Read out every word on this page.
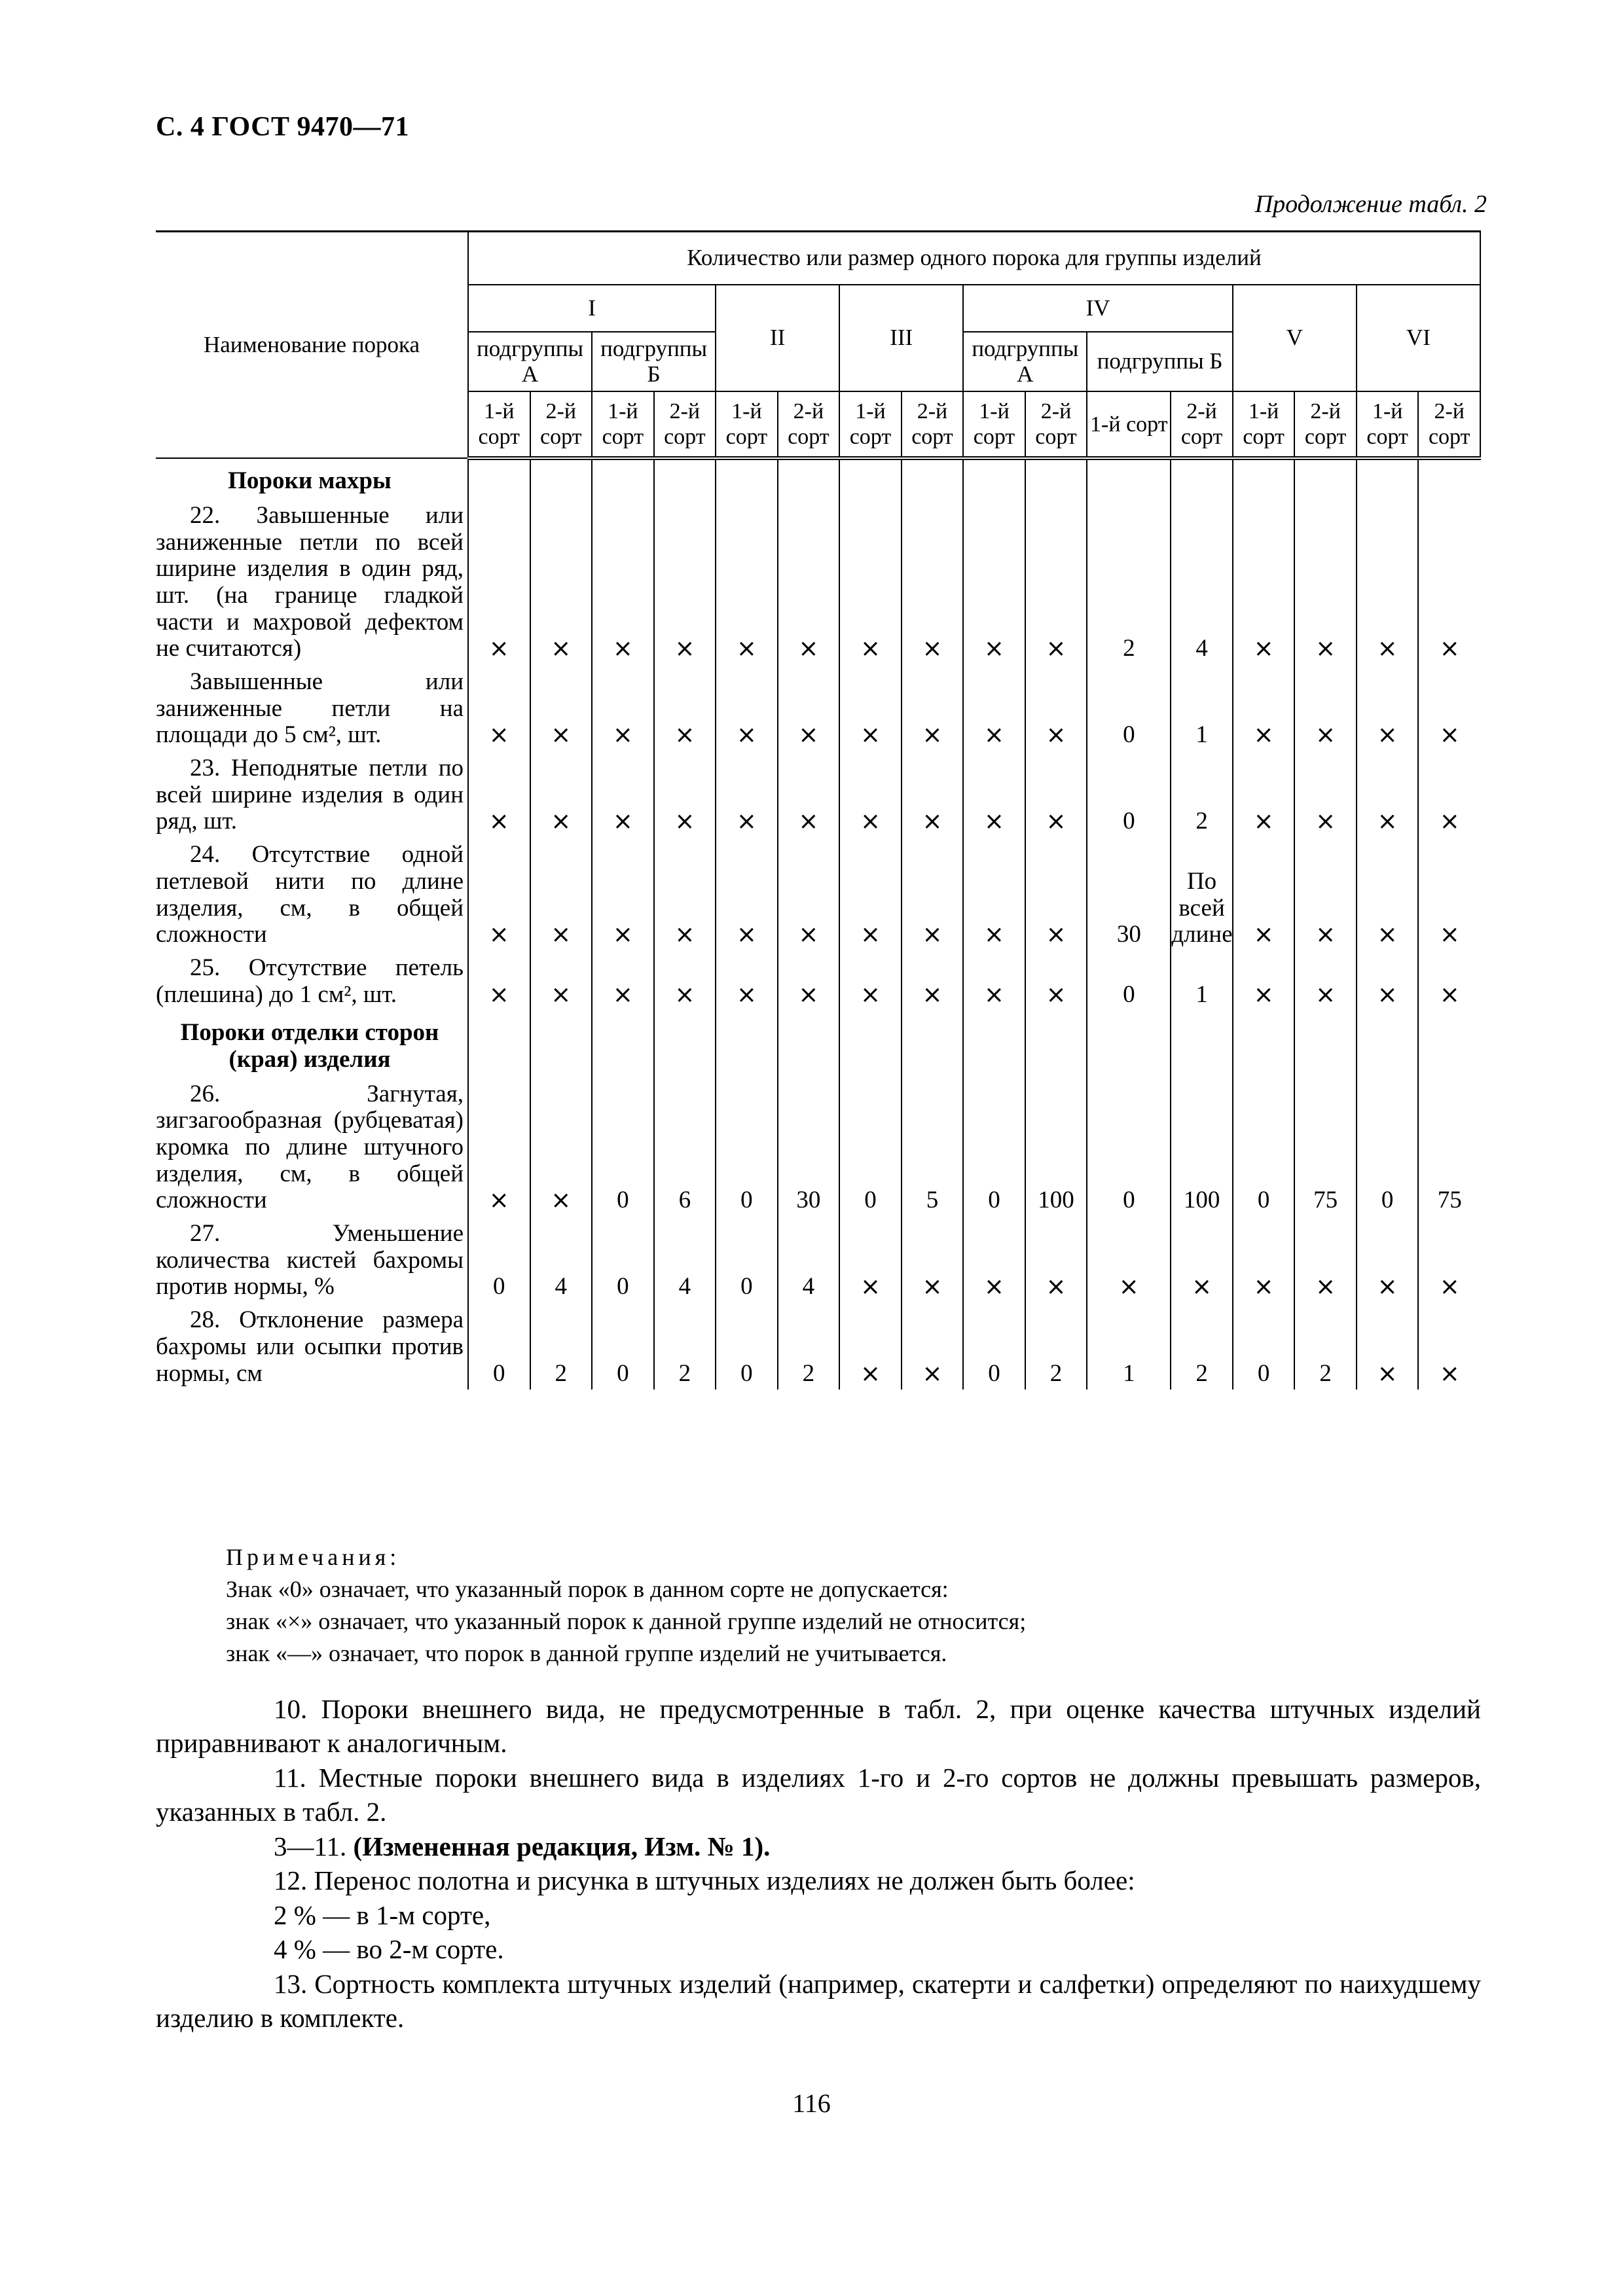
С. 4 ГОСТ 9470—71
Продолжение табл. 2
Наименование порока	Количество или размер одного порока для группы изделий															
	I				II		III		IV				V		VI	
	подгруппы А		подгруппы Б						подгруппы А		подгруппы Б					
	1-й сорт	2-й сорт	1-й сорт	2-й сорт	1-й сорт	2-й сорт	1-й сорт	2-й сорт	1-й сорт	2-й сорт	1-й сорт	2-й сорт	1-й сорт	2-й сорт	1-й сорт	2-й сорт
Пороки махры																
22. Завышенные или заниженные петли по всей ширине изделия в один ряд, шт. (на границе гладкой части и махровой дефектом не считаются)	×	×	×	×	×	×	×	×	×	×	2	4	×	×	×	×
Завышенные или заниженные петли на площади до 5 см², шт.	×	×	×	×	×	×	×	×	×	×	0	1	×	×	×	×
23. Неподнятые петли по всей ширине изделия в один ряд, шт.	×	×	×	×	×	×	×	×	×	×	0	2	×	×	×	×
24. Отсутствие одной петлевой нити по длине изделия, см, в общей сложности	×	×	×	×	×	×	×	×	×	×	30	По всей длине	×	×	×	×
25. Отсутствие петель (плешина) до 1 см², шт.	×	×	×	×	×	×	×	×	×	×	0	1	×	×	×	×
Пороки отделки сторон (края) изделия																
26. Загнутая, зигзагообразная (рубцеватая) кромка по длине штучного изделия, см, в общей сложности	×	×	0	6	0	30	0	5	0	100	0	100	0	75	0	75
27. Уменьшение количества кистей бахромы против нормы, %	0	4	0	4	0	4	×	×	×	×	×	×	×	×	×	×
28. Отклонение размера бахромы или осыпки против нормы, см	0	2	0	2	0	2	×	×	0	2	1	2	0	2	×	×
Примечания:
Знак «0» означает, что указанный порок в данном сорте не допускается:
знак «×» означает, что указанный порок к данной группе изделий не относится;
знак «—» означает, что порок в данной группе изделий не учитывается.

10. Пороки внешнего вида, не предусмотренные в табл. 2, при оценке качества штучных изделий приравнивают к аналогичным.

11. Местные пороки внешнего вида в изделиях 1-го и 2-го сортов не должны превышать размеров, указанных в табл. 2.

3—11. (Измененная редакция, Изм. № 1).

12. Перенос полотна и рисунка в штучных изделиях не должен быть более:

2 % — в 1-м сорте,

4 % — во 2-м сорте.

13. Сортность комплекта штучных изделий (например, скатерти и салфетки) определяют по наихудшему изделию в комплекте.

116
